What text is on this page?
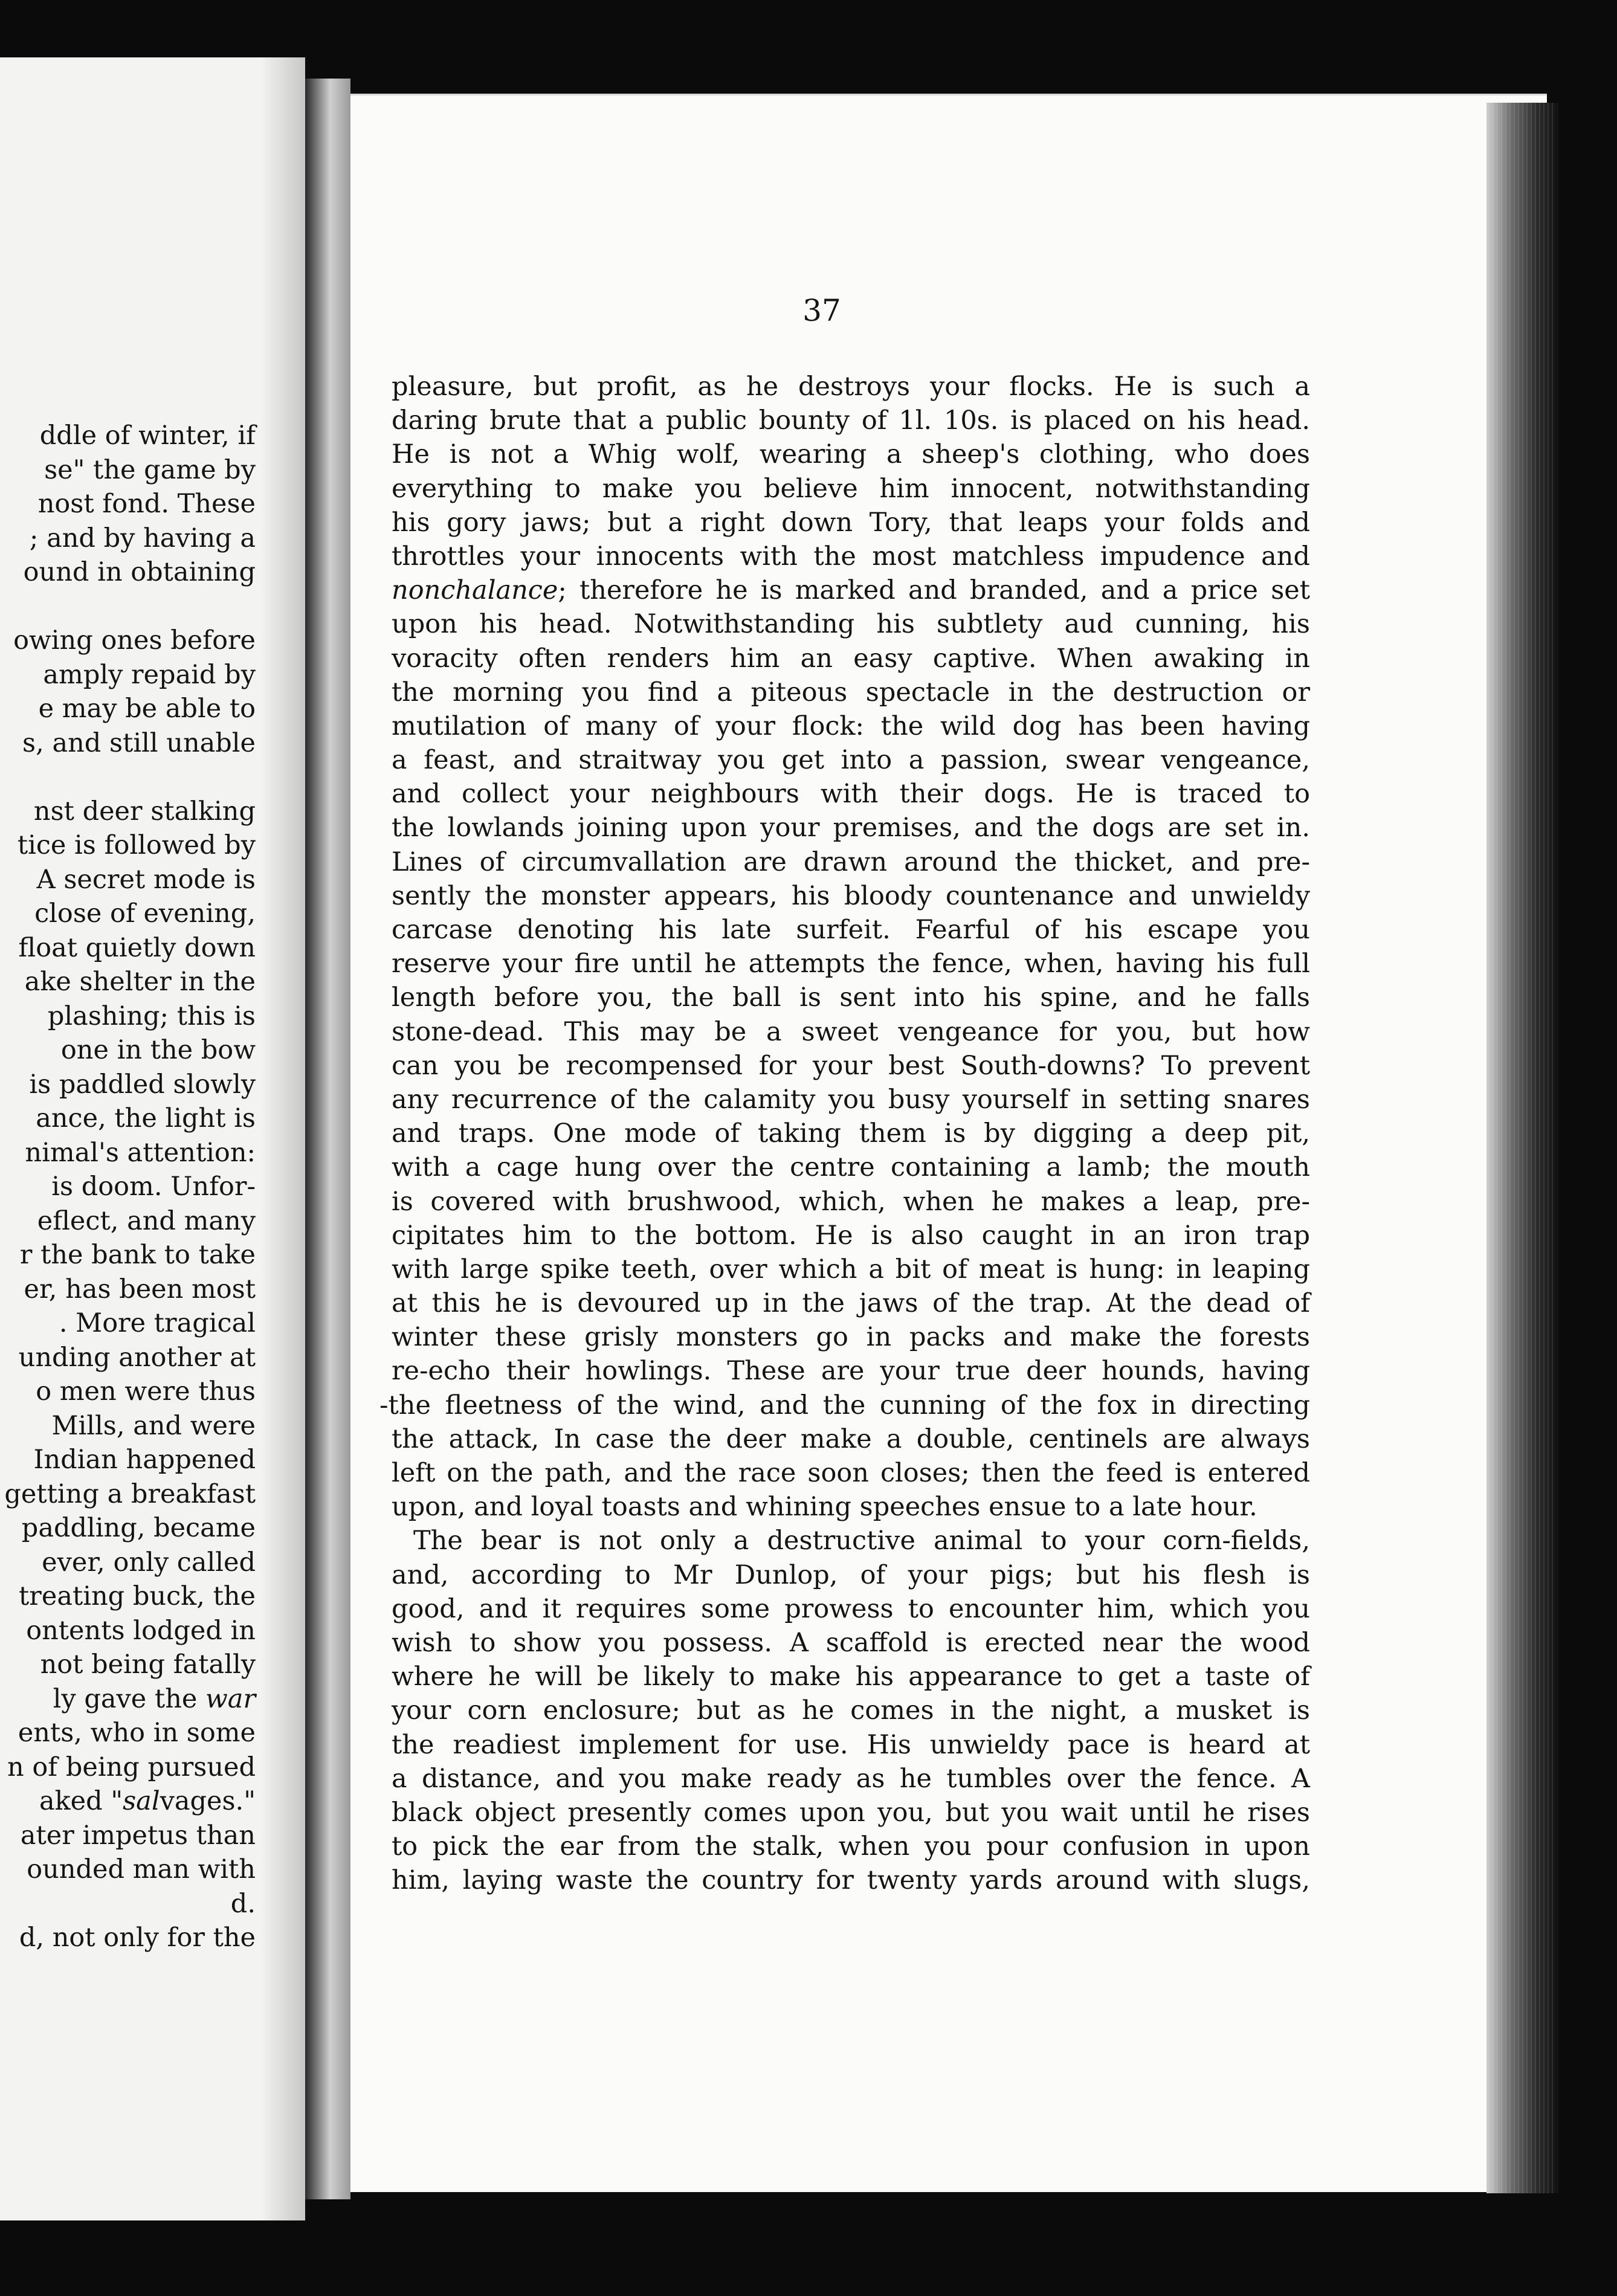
ddle of winter, if
se" the game by
nost fond. These
; and by having a
ound in obtaining
owing ones before
amply repaid by
e may be able to
s, and still unable
nst deer stalking
tice is followed by
A secret mode is
close of evening,
float quietly down
ake shelter in the
plashing; this is
one in the bow
is paddled slowly
ance, the light is
nimal's attention:
is doom. Unfor-
eflect, and many
r the bank to take
er, has been most
. More tragical
unding another at
o men were thus
Mills, and were
Indian happened
getting a breakfast
paddling, became
ever, only called
treating buck, the
ontents lodged in
not being fatally
ly gave the war
ents, who in some
n of being pursued
aked "salvages."
ater impetus than
ounded man with
d.
d, not only for the
37
pleasure, but profit, as he destroys your flocks. He is such a
daring brute that a public bounty of 1l. 10s. is placed on his head.
He is not a Whig wolf, wearing a sheep's clothing, who does
everything to make you believe him innocent, notwithstanding
his gory jaws; but a right down Tory, that leaps your folds and
throttles your innocents with the most matchless impudence and
nonchalance; therefore he is marked and branded, and a price set
upon his head. Notwithstanding his subtlety aud cunning, his
voracity often renders him an easy captive. When awaking in
the morning you find a piteous spectacle in the destruction or
mutilation of many of your flock: the wild dog has been having
a feast, and straitway you get into a passion, swear vengeance,
and collect your neighbours with their dogs. He is traced to
the lowlands joining upon your premises, and the dogs are set in.
Lines of circumvallation are drawn around the thicket, and pre-
sently the monster appears, his bloody countenance and unwieldy
carcase denoting his late surfeit. Fearful of his escape you
reserve your fire until he attempts the fence, when, having his full
length before you, the ball is sent into his spine, and he falls
stone-dead. This may be a sweet vengeance for you, but how
can you be recompensed for your best South-downs? To prevent
any recurrence of the calamity you busy yourself in setting snares
and traps. One mode of taking them is by digging a deep pit,
with a cage hung over the centre containing a lamb; the mouth
is covered with brushwood, which, when he makes a leap, pre-
cipitates him to the bottom. He is also caught in an iron trap
with large spike teeth, over which a bit of meat is hung: in leaping
at this he is devoured up in the jaws of the trap. At the dead of
winter these grisly monsters go in packs and make the forests
re-echo their howlings. These are your true deer hounds, having
-the fleetness of the wind, and the cunning of the fox in directing
the attack, In case the deer make a double, centinels are always
left on the path, and the race soon closes; then the feed is entered
upon, and loyal toasts and whining speeches ensue to a late hour.
The bear is not only a destructive animal to your corn-fields,
and, according to Mr Dunlop, of your pigs; but his flesh is
good, and it requires some prowess to encounter him, which you
wish to show you possess. A scaffold is erected near the wood
where he will be likely to make his appearance to get a taste of
your corn enclosure; but as he comes in the night, a musket is
the readiest implement for use. His unwieldy pace is heard at
a distance, and you make ready as he tumbles over the fence. A
black object presently comes upon you, but you wait until he rises
to pick the ear from the stalk, when you pour confusion in upon
him, laying waste the country for twenty yards around with slugs,
